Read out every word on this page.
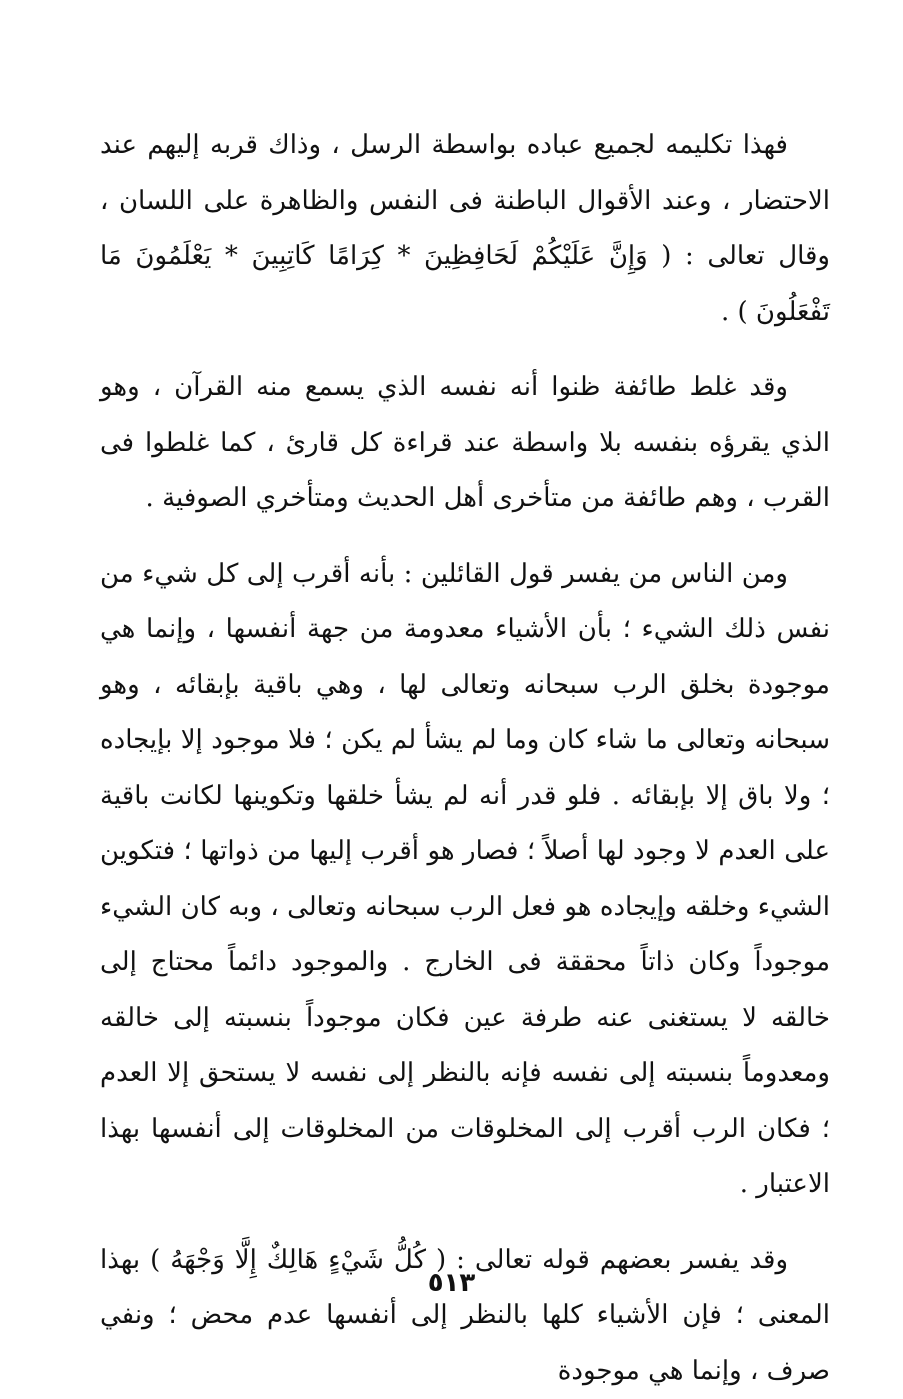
فهذا تكليمه لجميع عباده بواسطة الرسل ، وذاك قربه إليهم عند الاحتضار ، وعند الأقوال الباطنة فى النفس والظاهرة على اللسان ، وقال تعالى : ( وَإِنَّ عَلَيْكُمْ لَحَافِظِينَ * كِرَامًا كَاتِبِينَ * يَعْلَمُونَ مَا تَفْعَلُونَ ) .

وقد غلط طائفة ظنوا أنه نفسه الذي يسمع منه القرآن ، وهو الذي يقرؤه بنفسه بلا واسطة عند قراءة كل قارئ ، كما غلطوا فى القرب ، وهم طائفة من متأخرى أهل الحديث ومتأخري الصوفية .

ومن الناس من يفسر قول القائلين : بأنه أقرب إلى كل شيء من نفس ذلك الشيء ؛ بأن الأشياء معدومة من جهة أنفسها ، وإنما هي موجودة بخلق الرب سبحانه وتعالى لها ، وهي باقية بإبقائه ، وهو سبحانه وتعالى ما شاء كان وما لم يشأ لم يكن ؛ فلا موجود إلا بإيجاده ؛ ولا باق إلا بإبقائه . فلو قدر أنه لم يشأ خلقها وتكوينها لكانت باقية على العدم لا وجود لها أصلاً ؛ فصار هو أقرب إليها من ذواتها ؛ فتكوين الشيء وخلقه وإيجاده هو فعل الرب سبحانه وتعالى ، وبه كان الشيء موجوداً وكان ذاتاً محققة فى الخارج . والموجود دائماً محتاج إلى خالقه لا يستغنى عنه طرفة عين فكان موجوداً بنسبته إلى خالقه ومعدوماً بنسبته إلى نفسه فإنه بالنظر إلى نفسه لا يستحق إلا العدم ؛ فكان الرب أقرب إلى المخلوقات من المخلوقات إلى أنفسها بهذا الاعتبار .

وقد يفسر بعضهم قوله تعالى : ( كُلُّ شَيْءٍ هَالِكٌ إِلَّا وَجْهَهُ ) بهذا المعنى ؛ فإن الأشياء كلها بالنظر إلى أنفسها عدم محض ؛ ونفي صرف ، وإنما هي موجودة

٥١٣
